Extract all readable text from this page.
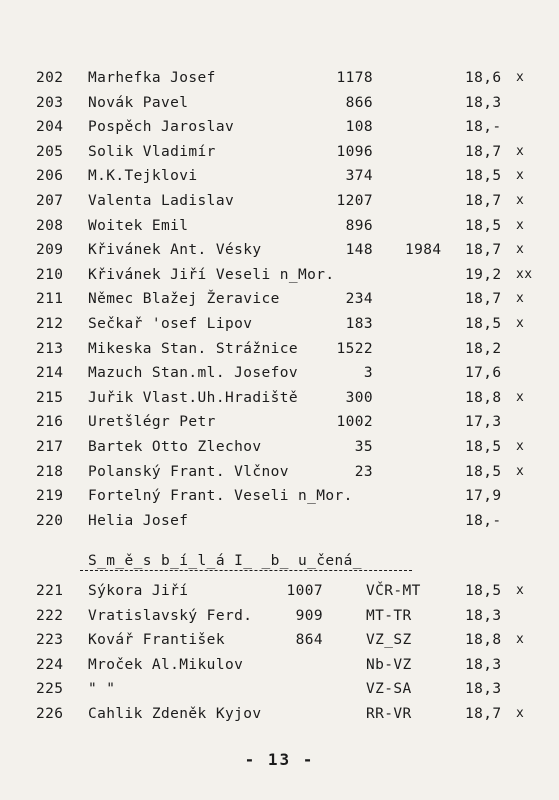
202 Marhefka Josef	1178	18,6 x
203 Novák Pavel	866	18,3
204 Pospěch Jaroslav	108	18,-
205 Solik Vladimír	1096	18,7 x
206 M.K.Tejklovi	374	18,5 x
207 Valenta Ladislav	1207	18,7 x
208 Woitek Emil	896	18,5 x
209 Křivánek Ant. Vésky	148 1984 18,7 x
210 Křivánek Jiří Veseli n_Mor.	19,2 xx
211 Němec Blažej Žeravice	234	18,7 x
212 Sečkař 'osef Lipov	183	18,5 x
213 Mikeska Stan. Strážnice	1522	18,2
214 Mazuch Stan.ml. Josefov	3	17,6
215 Juřik Vlast.Uh.Hradiště	300	18,8 x
216 Uretšlégr Petr	1002	17,3
217 Bartek Otto Zlechov	35	18,5 x
218 Polanský Frant. Vlčnov	23	18,5 x
219 Fortelný Frant. Veseli n_Mor.	17,9
220 Helia Josef	18,-
S_m_ě_s b_í_l_á I_ _b_ u_čená_
221 Sýkora Jiří	1007	VČR-MT	18,5 x
222 Vratislavský Ferd.	909	MT-TR	18,3
223 Kovář František	864	VZ_SZ	18,8 x
224 Mroček Al.Mikulov	Nb-VZ	18,3
225 " "	VZ-SA	18,3
226 Cahlik Zdeněk Kyjov	RR-VR	18,7 x
- 13 -
